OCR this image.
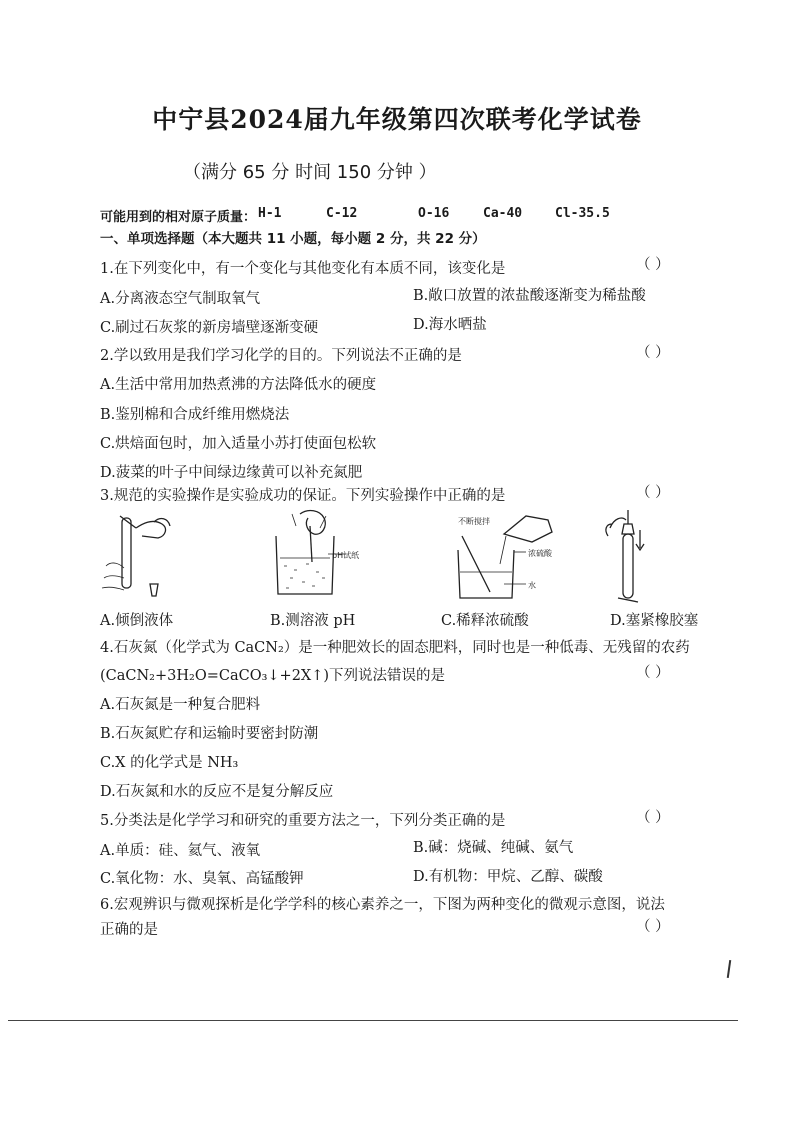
中宁县2024届九年级第四次联考化学试卷
（满分 65 分 时间 150 分钟 ）
可能用到的相对原子质量： H-1	C-12	O-16	Ca-40	Cl-35.5
一、单项选择题（本大题共 11 小题，每小题 2 分，共 22 分）
1.在下列变化中，有一个变化与其他变化有本质不同，该变化是	（ ）
A.分离液态空气制取氧气	B.敞口放置的浓盐酸逐渐变为稀盐酸
C.刷过石灰浆的新房墙壁逐渐变硬	D.海水晒盐
2.学以致用是我们学习化学的目的。下列说法不正确的是	（ ）
A.生活中常用加热煮沸的方法降低水的硬度
B.鉴别棉和合成纤维用燃烧法
C.烘焙面包时，加入适量小苏打使面包松软
D.菠菜的叶子中间绿边缘黄可以补充氮肥
3.规范的实验操作是实验成功的保证。下列实验操作中正确的是	（ ）
pH试纸
不断搅拌
浓硫酸
水
A.倾倒液体	B.测溶液 pH	C.稀释浓硫酸	D.塞紧橡胶塞
4.石灰氮（化学式为 CaCN₂）是一种肥效长的固态肥料，同时也是一种低毒、无残留的农药
(CaCN₂+3H₂O=CaCO₃↓+2X↑)下列说法错误的是	（ ）
A.石灰氮是一种复合肥料
B.石灰氮贮存和运输时要密封防潮
C.X 的化学式是 NH₃
D.石灰氮和水的反应不是复分解反应
5.分类法是化学学习和研究的重要方法之一，下列分类正确的是	（ ）
A.单质：硅、氦气、液氧	B.碱：烧碱、纯碱、氨气
C.氧化物：水、臭氧、高锰酸钾	D.有机物：甲烷、乙醇、碳酸
6.宏观辨识与微观探析是化学学科的核心素养之一，下图为两种变化的微观示意图，说法
正确的是	（ ）
